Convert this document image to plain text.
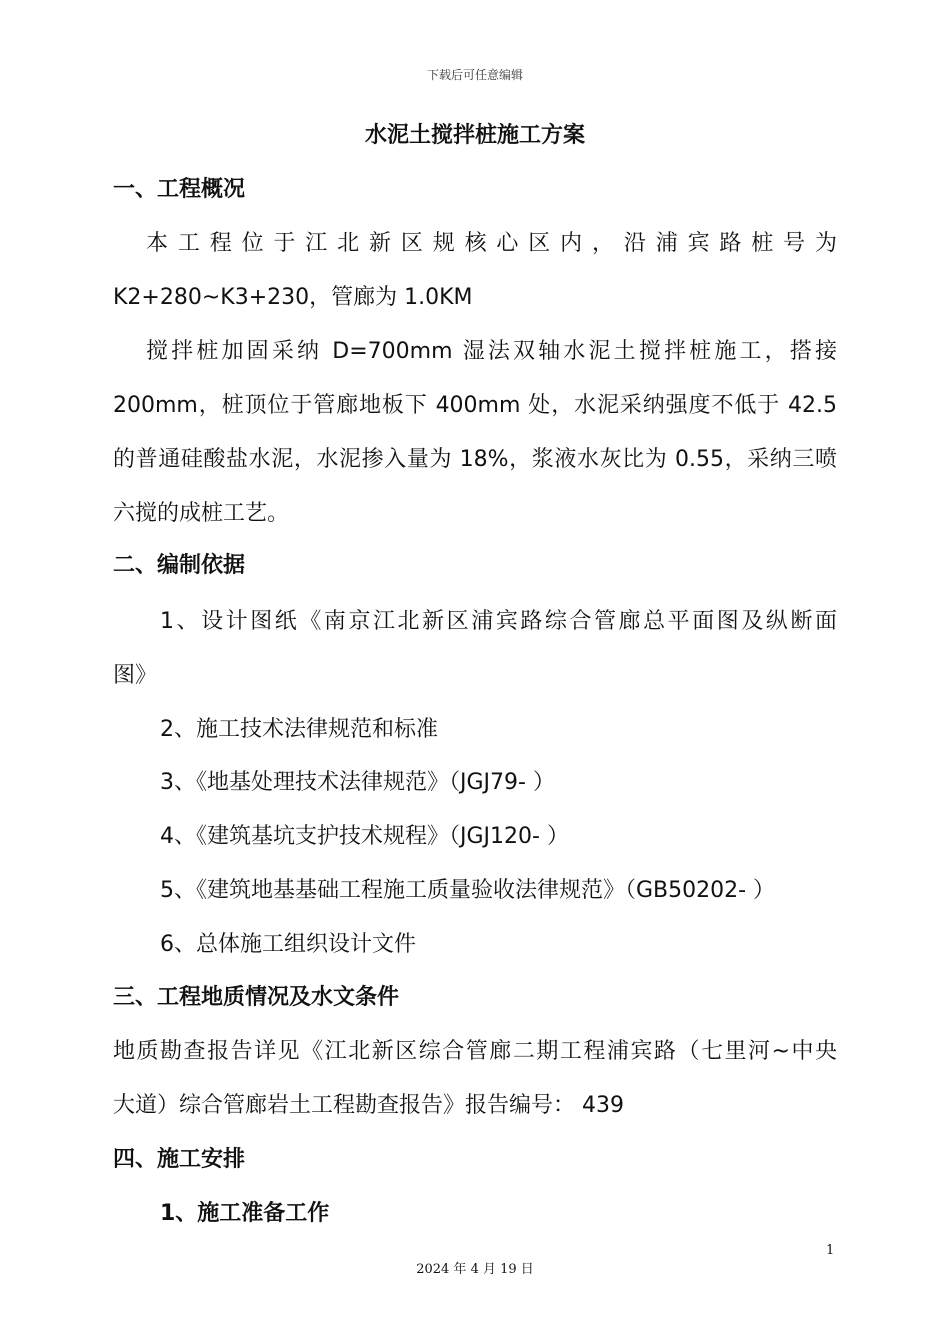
下载后可任意编辑
水泥土搅拌桩施工方案
一、工程概况
本工程位于江北新区规核心区内，沿浦宾路桩号为
K2+280~K3+230，管廊为 1.0KM
搅拌桩加固采纳 D=700mm 湿法双轴水泥土搅拌桩施工，搭接
200mm，桩顶位于管廊地板下 400mm 处，水泥采纳强度不低于 42.5
的普通硅酸盐水泥，水泥掺入量为 18%，浆液水灰比为 0.55，采纳三喷
六搅的成桩工艺。
二、编制依据
1、设计图纸《南京江北新区浦宾路综合管廊总平面图及纵断面
图》
2、施工技术法律规范和标准
3、《地基处理技术法律规范》（JGJ79- ）
4、《建筑基坑支护技术规程》（JGJ120- ）
5、《建筑地基基础工程施工质量验收法律规范》（GB50202- ）
6、总体施工组织设计文件
三、工程地质情况及水文条件
地质勘查报告详见《江北新区综合管廊二期工程浦宾路（七里河~中央
大道）综合管廊岩土工程勘查报告》报告编号： 439
四、施工安排
1、施工准备工作
1
2024 年 4 月 19 日
